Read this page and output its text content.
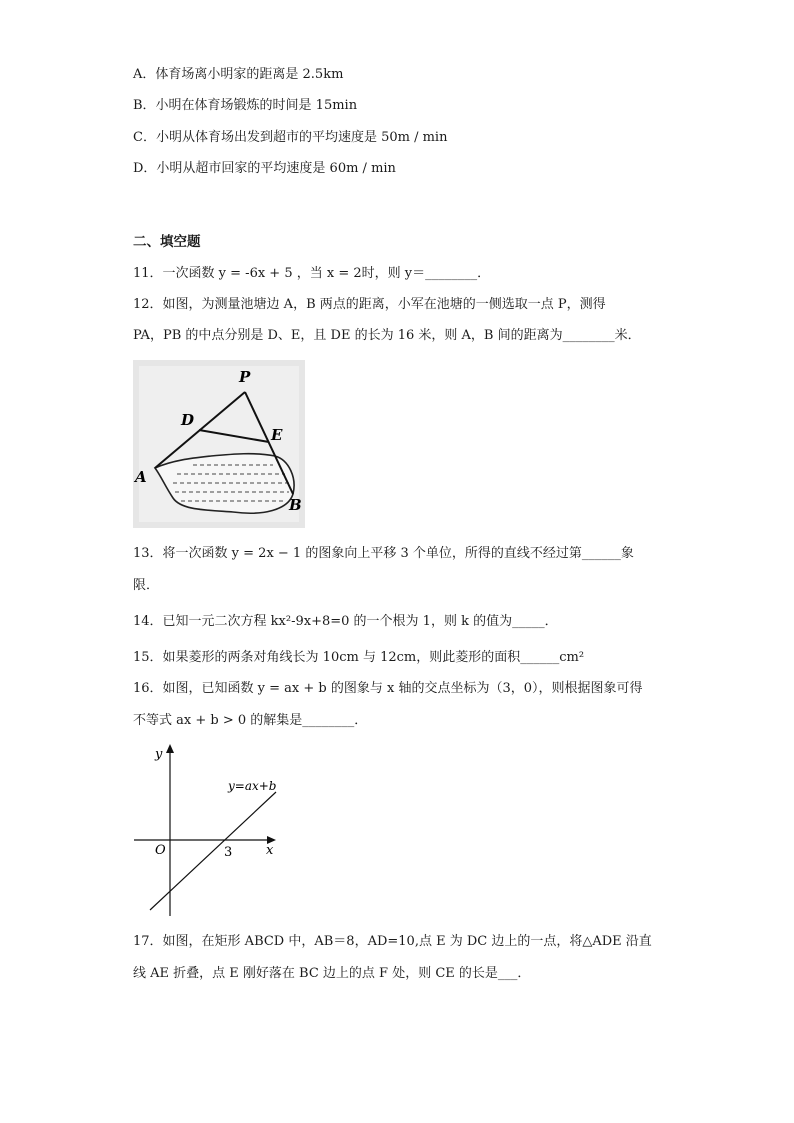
A．体育场离小明家的距离是 2.5km
B．小明在体育场锻炼的时间是 15min
C．小明从体育场出发到超市的平均速度是 50m / min
D．小明从超市回家的平均速度是 60m / min
二、填空题
11．一次函数 y = -6x + 5 ，当 x = 2时，则 y＝________．
12．如图，为测量池塘边 A，B 两点的距离，小军在池塘的一侧选取一点 P，测得
PA，PB 的中点分别是 D、E，且 DE 的长为 16 米，则 A，B 间的距离为________米．
P
D
E
A
B
13．将一次函数 y = 2x − 1 的图象向上平移 3 个单位，所得的直线不经过第______象
限．
14．已知一元二次方程 kx²-9x+8=0 的一个根为 1，则 k 的值为_____．
15．如果菱形的两条对角线长为 10cm 与 12cm，则此菱形的面积______cm²
16．如图，已知函数 y = ax + b 的图象与 x 轴的交点坐标为（3，0），则根据图象可得
不等式 ax + b > 0 的解集是________．
y
x
O	3
y=ax+b
17．如图，在矩形 ABCD 中，AB＝8，AD=10,点 E 为 DC 边上的一点，将△ADE 沿直
线 AE 折叠，点 E 刚好落在 BC 边上的点 F 处，则 CE 的长是___．
